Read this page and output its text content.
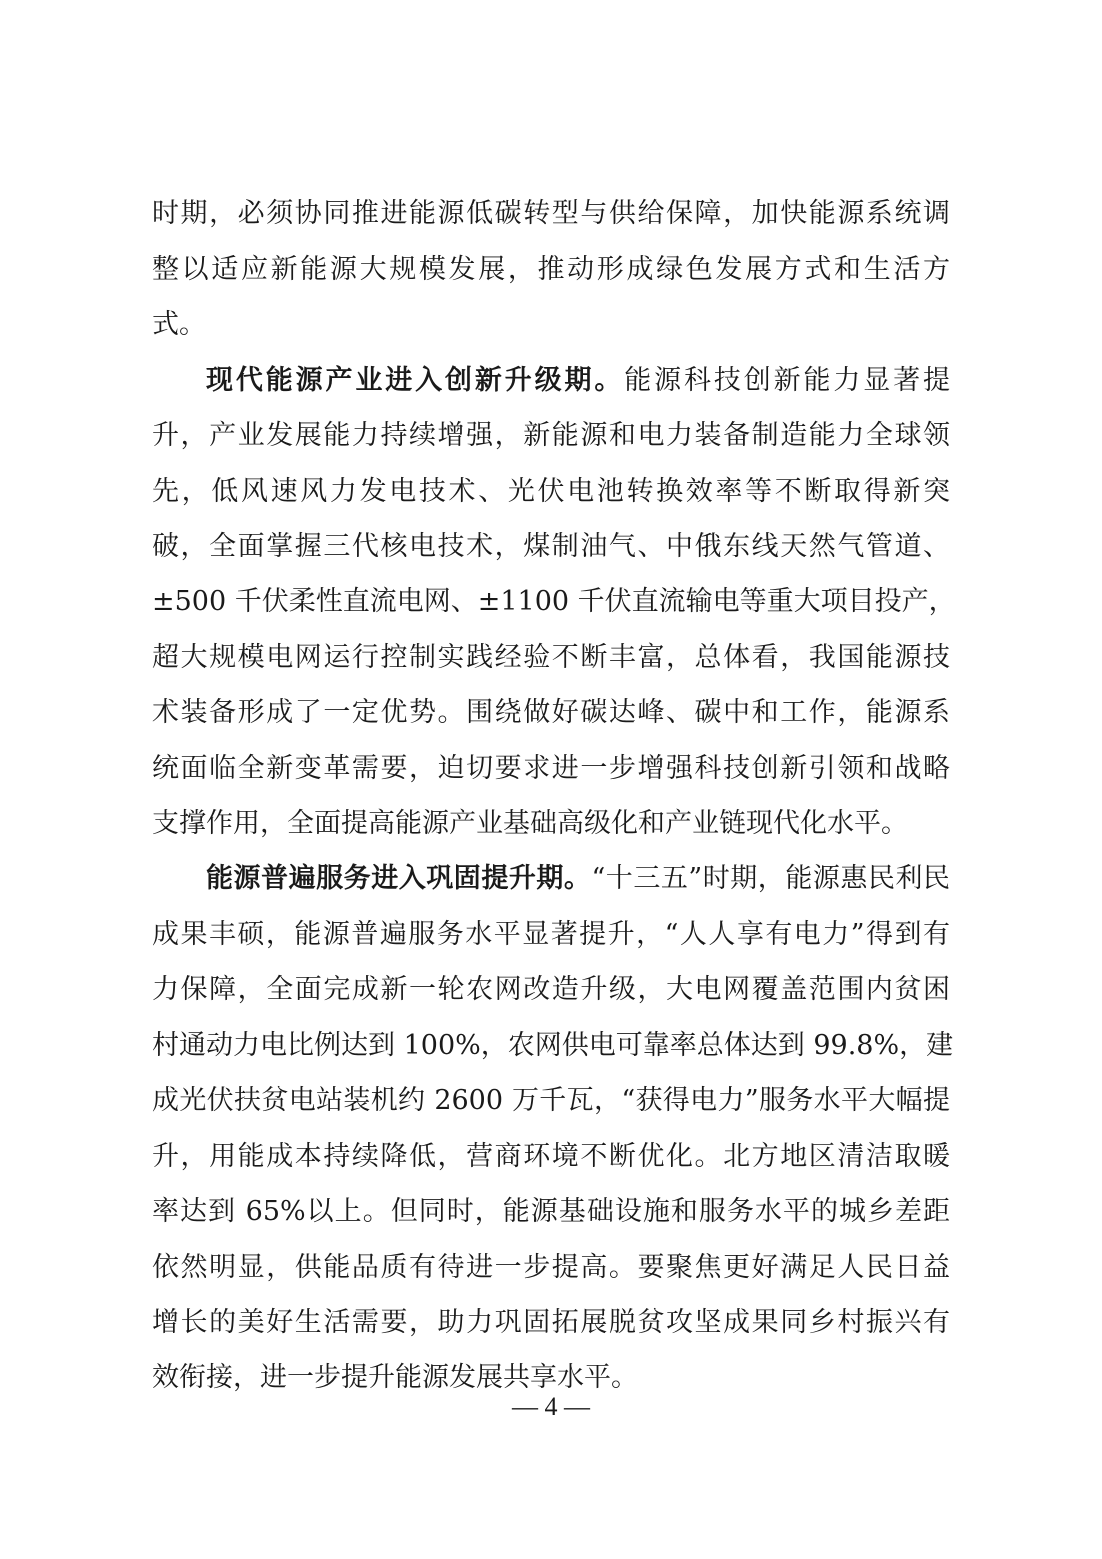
时期，必须协同推进能源低碳转型与供给保障，加快能源系统调
整以适应新能源大规模发展，推动形成绿色发展方式和生活方
式。
现代能源产业进入创新升级期。能源科技创新能力显著提
升，产业发展能力持续增强，新能源和电力装备制造能力全球领
先，低风速风力发电技术、光伏电池转换效率等不断取得新突
破，全面掌握三代核电技术，煤制油气、中俄东线天然气管道、
±500 千伏柔性直流电网、±1100 千伏直流输电等重大项目投产，
超大规模电网运行控制实践经验不断丰富，总体看，我国能源技
术装备形成了一定优势。围绕做好碳达峰、碳中和工作，能源系
统面临全新变革需要，迫切要求进一步增强科技创新引领和战略
支撑作用，全面提高能源产业基础高级化和产业链现代化水平。
能源普遍服务进入巩固提升期。“十三五”时期，能源惠民利民
成果丰硕，能源普遍服务水平显著提升，“人人享有电力”得到有
力保障，全面完成新一轮农网改造升级，大电网覆盖范围内贫困
村通动力电比例达到 100%，农网供电可靠率总体达到 99.8%，建
成光伏扶贫电站装机约 2600 万千瓦，“获得电力”服务水平大幅提
升，用能成本持续降低，营商环境不断优化。北方地区清洁取暖
率达到 65%以上。但同时，能源基础设施和服务水平的城乡差距
依然明显，供能品质有待进一步提高。要聚焦更好满足人民日益
增长的美好生活需要，助力巩固拓展脱贫攻坚成果同乡村振兴有
效衔接，进一步提升能源发展共享水平。
— 4 —
